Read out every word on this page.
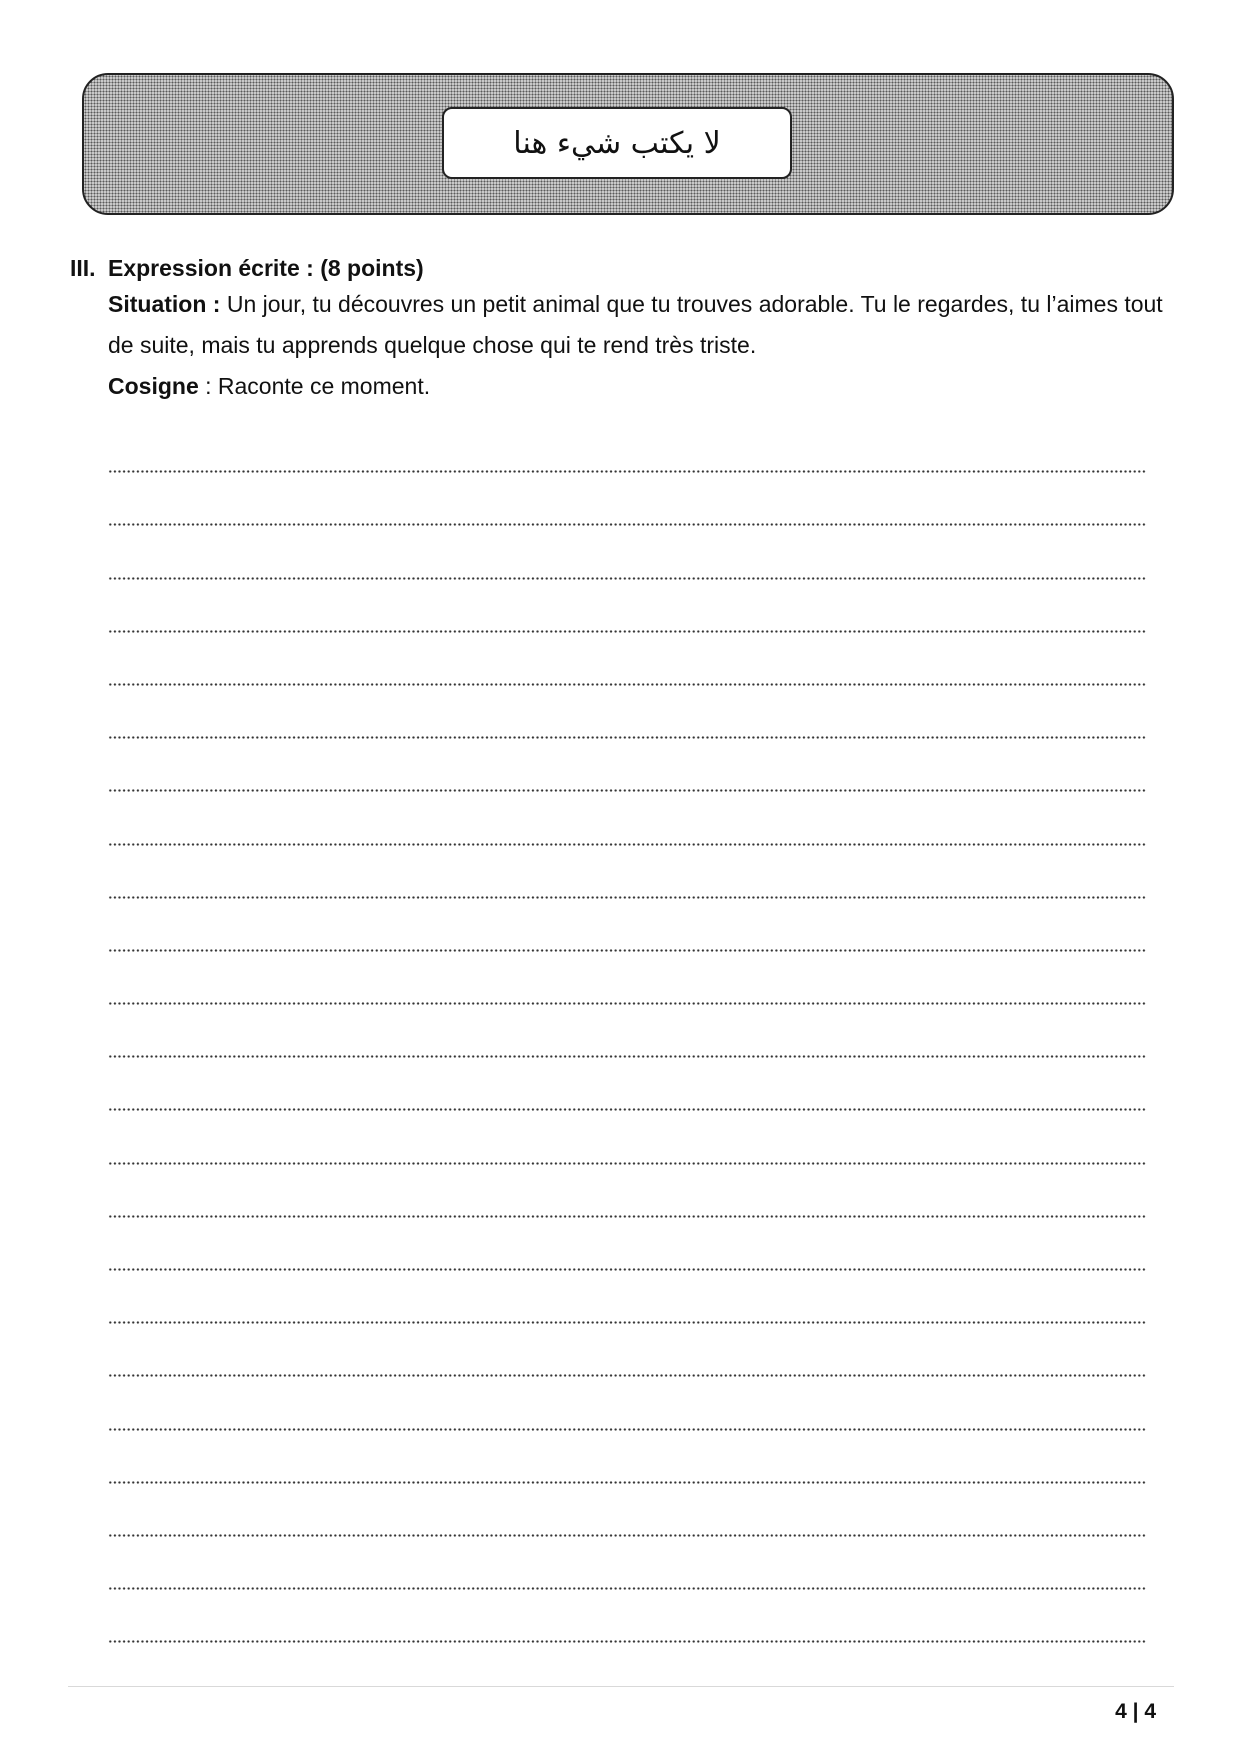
لا يكتب شيء هنا

III. Expression écrite : (8 points)

Situation : Un jour, tu découvres un petit animal que tu trouves adorable. Tu le regardes, tu l’aimes tout de suite, mais tu apprends quelque chose qui te rend très triste.

Cosigne : Raconte ce moment.

4 | 4
